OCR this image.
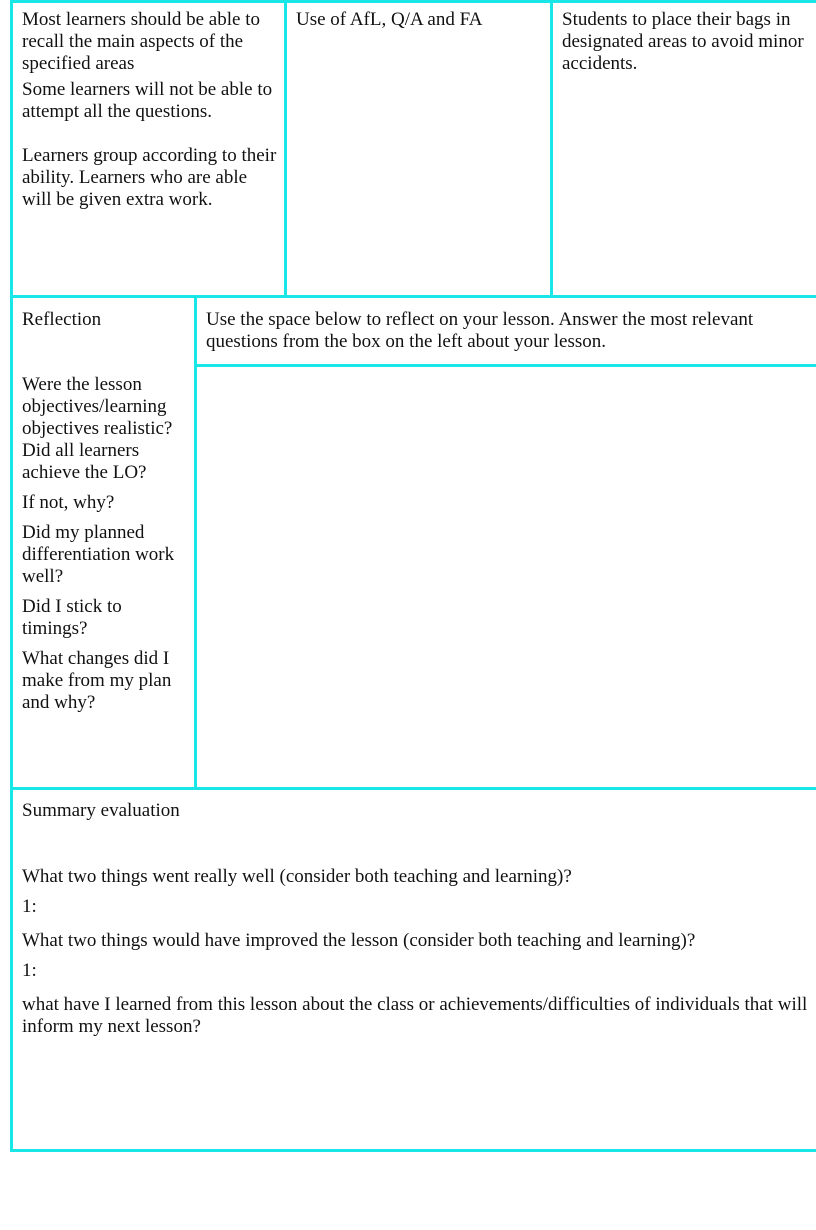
Most learners should be able to recall the main aspects of the specified areas

Some learners will not be able to attempt all the questions.

Learners group according to their ability. Learners who are able will be given extra work.

Use of AfL, Q/A and FA	Students to place their bags in designated areas to avoid minor accidents.

Reflection

Were the lesson objectives/learning objectives realistic? Did all learners achieve the LO?

If not, why?

Did my planned differentiation work well?

Did I stick to timings?

What changes did I make from my plan and why?

Use the space below to reflect on your lesson. Answer the most relevant questions from the box on the left about your lesson.

Summary evaluation

What two things went really well (consider both teaching and learning)?

1:

What two things would have improved the lesson (consider both teaching and learning)?

1:

what have I learned from this lesson about the class or achievements/difficulties of individuals that will inform my next lesson?
